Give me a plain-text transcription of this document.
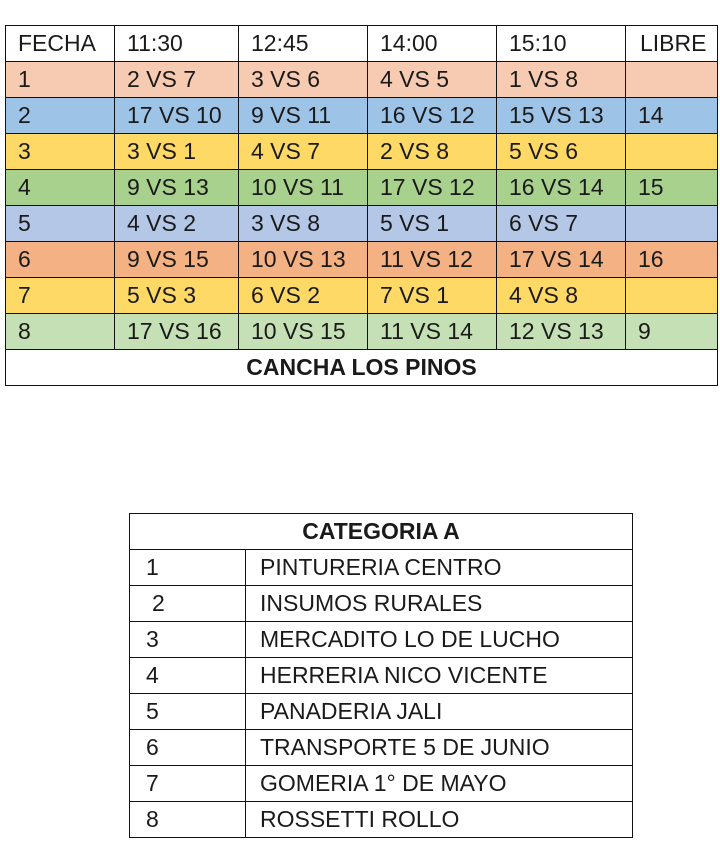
FECHA	11:30	12:45	14:00	15:10	LIBRE
1	2 VS 7	3 VS 6	4 VS 5	1 VS 8	
2	17 VS 10	9 VS 11	16 VS 12	15 VS 13	14
3	3 VS 1	4 VS 7	2 VS 8	5 VS 6	
4	9 VS 13	10 VS 11	17 VS 12	16 VS 14	15
5	4 VS 2	3 VS 8	5 VS 1	6 VS 7	
6	9 VS 15	10 VS 13	11 VS 12	17 VS 14	16
7	5 VS 3	6 VS 2	7 VS 1	4 VS 8	
8	17 VS 16	10 VS 15	11 VS 14	12 VS 13	9
CANCHA LOS PINOS					
CATEGORIA A	
1	PINTURERIA CENTRO
2	INSUMOS RURALES
3	MERCADITO LO DE LUCHO
4	HERRERIA NICO VICENTE
5	PANADERIA JALI
6	TRANSPORTE 5 DE JUNIO
7	GOMERIA 1° DE MAYO
8	ROSSETTI ROLLO
